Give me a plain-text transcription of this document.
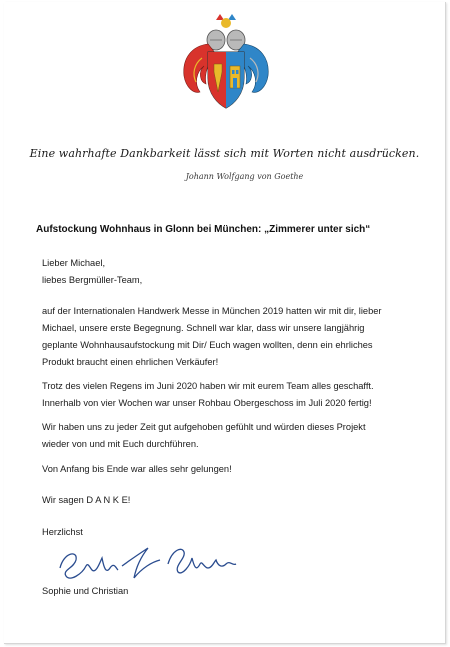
Eine wahrhafte Dankbarkeit lässt sich mit Worten nicht ausdrücken.
Johann Wolfgang von Goethe
Aufstockung Wohnhaus in Glonn bei München: „Zimmerer unter sich“
Lieber Michael,
liebes Bergmüller-Team,
auf der Internationalen Handwerk Messe in München 2019 hatten wir mit dir, lieber
Michael, unsere erste Begegnung. Schnell war klar, dass wir unsere langjährig
geplante Wohnhausaufstockung mit Dir/ Euch wagen wollten, denn ein ehrliches
Produkt braucht einen ehrlichen Verkäufer!
Trotz des vielen Regens im Juni 2020 haben wir mit eurem Team alles geschafft.
Innerhalb von vier Wochen war unser Rohbau Obergeschoss im Juli 2020 fertig!
Wir haben uns zu jeder Zeit gut aufgehoben gefühlt und würden dieses Projekt
wieder von und mit Euch durchführen.
Von Anfang bis Ende war alles sehr gelungen!
Wir sagen D A N K E!
Herzlichst
Sophie und Christian
